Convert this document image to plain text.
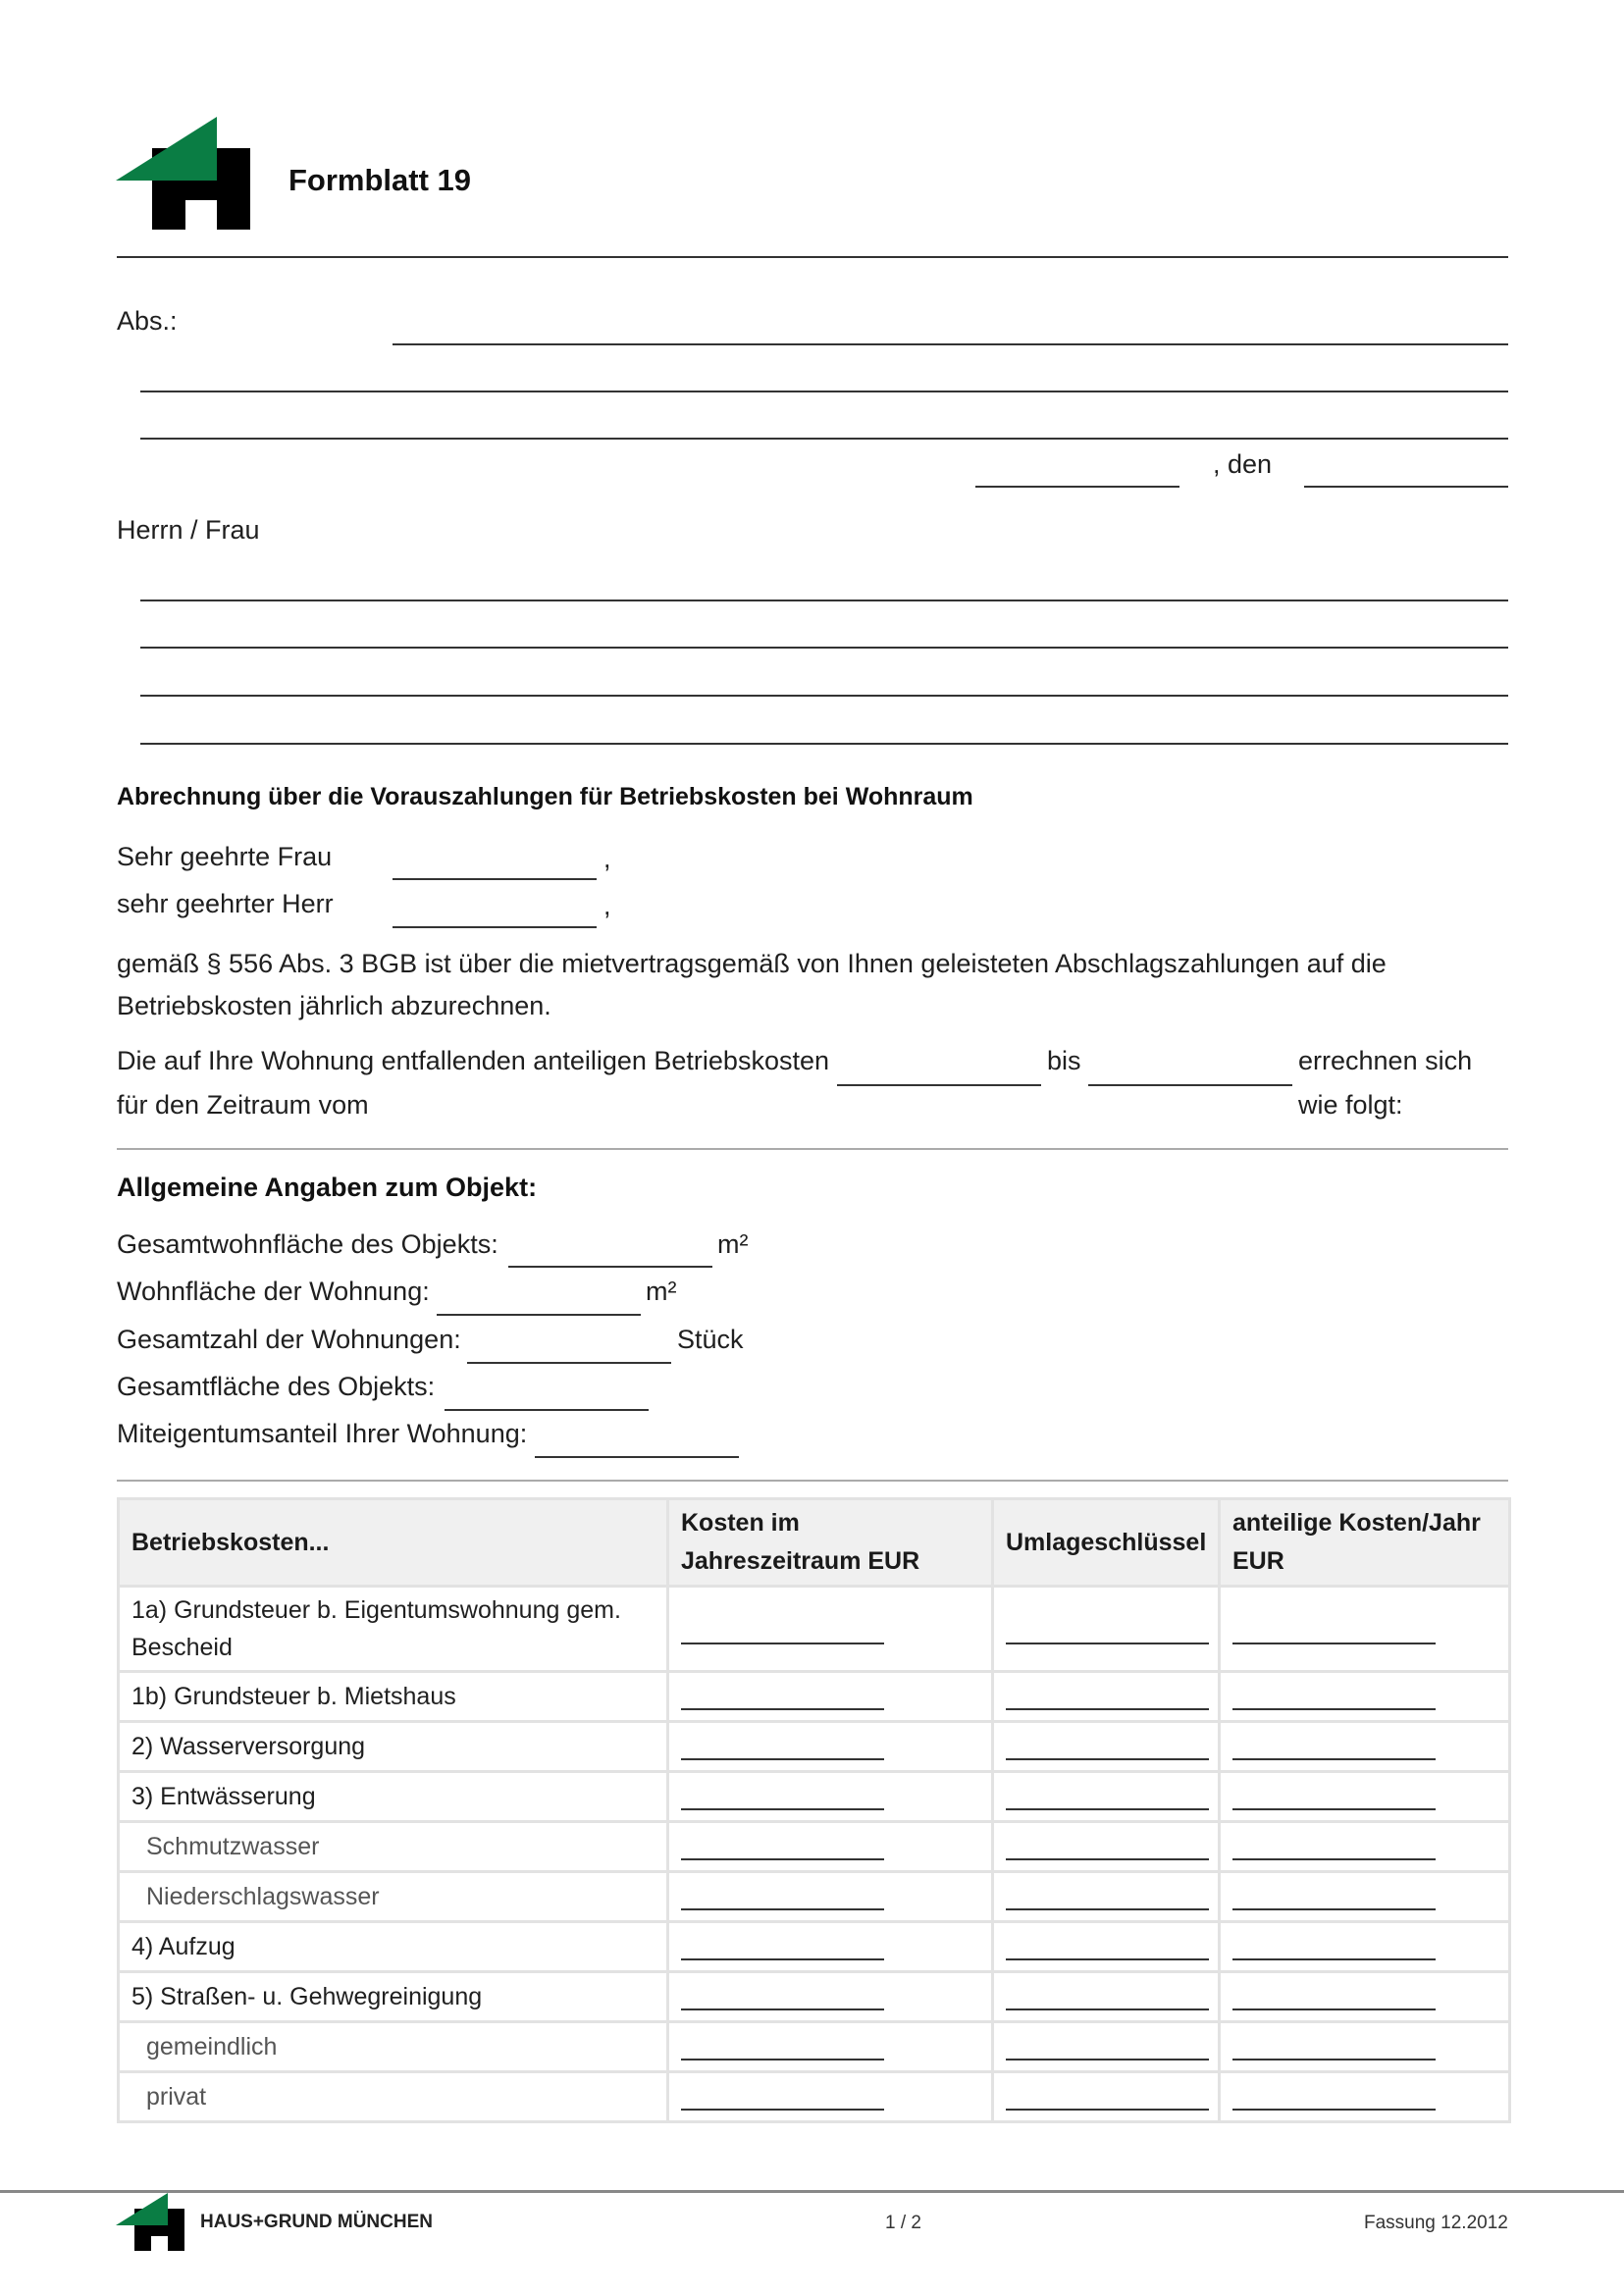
Formblatt 19
Abs.:
, den
Herrn / Frau
Abrechnung über die Vorauszahlungen für Betriebskosten bei Wohnraum
Sehr geehrte Frau	,
sehr geehrter Herr	,
gemäß § 556 Abs. 3 BGB ist über die mietvertragsgemäß von Ihnen geleisteten Abschlagszahlungen auf die
Betriebskosten jährlich abzurechnen.
Die auf Ihre Wohnung entfallenden anteiligen Betriebskosten
für den Zeitraum vom
bis	errechnen sich
wie folgt:
Allgemeine Angaben zum Objekt:
Gesamtwohnfläche des Objekts:	m²
Wohnfläche der Wohnung:	m²
Gesamtzahl der Wohnungen:	Stück
Gesamtfläche des Objekts:
Miteigentumsanteil Ihrer Wohnung:
Betriebskosten...	Kosten im Jahreszeitraum EUR	Umlageschlüssel	anteilige Kosten/Jahr EUR
1a) Grundsteuer b. Eigentumswohnung gem. Bescheid	

1b) Grundsteuer b. Mietshaus	

2) Wasserversorgung	

3) Entwässerung	

Schmutzwasser	

Niederschlagswasser	

4) Aufzug	

5) Straßen- u. Gehwegreinigung	

gemeindlich	

privat	

HAUS+GRUND MÜNCHEN	1 / 2	Fassung 12.2012
